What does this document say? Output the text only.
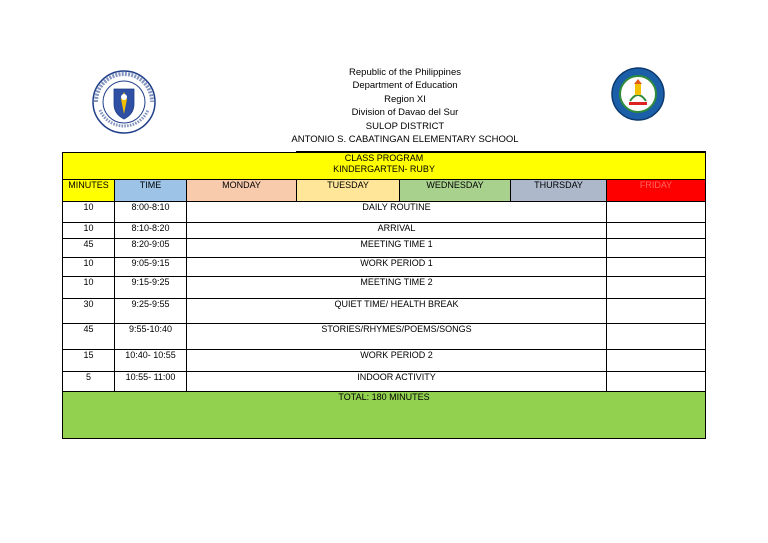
Republic of the Philippines
Department of Education
Region XI
Division of Davao del Sur
SULOP DISTRICT
ANTONIO S. CABATINGAN ELEMENTARY SCHOOL
CLASS PROGRAM
KINDERGARTEN- RUBY						

MINUTES	TIME	MONDAY	TUESDAY	WEDNESDAY	THURSDAY	FRIDAY
10	8:00-8:10	DAILY ROUTINE				
10	8:10-8:20	ARRIVAL				
45	8:20-9:05	MEETING TIME 1				
10	9:05-9:15	WORK PERIOD 1				
10	9:15-9:25	MEETING TIME 2				
30	9:25-9:55	QUIET TIME/ HEALTH BREAK				
45	9:55-10:40	STORIES/RHYMES/POEMS/SONGS				
15	10:40- 10:55	WORK PERIOD 2				
5	10:55- 11:00	INDOOR ACTIVITY				
TOTAL: 180 MINUTES						
